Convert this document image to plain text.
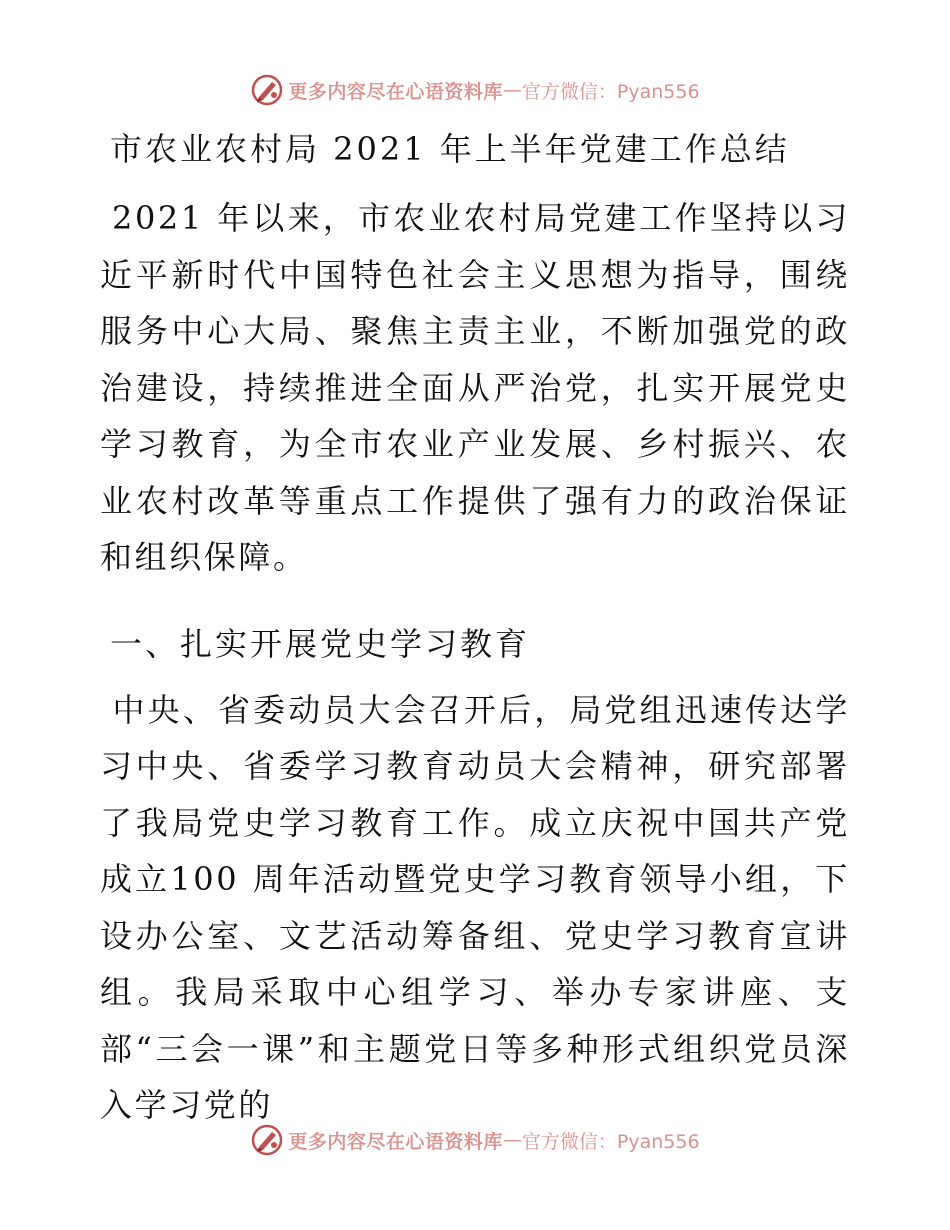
更多内容尽在心语资料库 — 官方微信：Pyan556
市农业农村局 2021 年上半年党建工作总结

2021 年以来，市农业农村局党建工作坚持以习近平新时代中国特色社会主义思想为指导，围绕服务中心大局、聚焦主责主业，不断加强党的政治建设，持续推进全面从严治党，扎实开展党史学习教育，为全市农业产业发展、乡村振兴、农业农村改革等重点工作提供了强有力的政治保证和组织保障。

一、扎实开展党史学习教育

中央、省委动员大会召开后，局党组迅速传达学习中央、省委学习教育动员大会精神，研究部署了我局党史学习教育工作。成立庆祝中国共产党成立100 周年活动暨党史学习教育领导小组，下设办公室、文艺活动筹备组、党史学习教育宣讲组。我局采取中心组学习、举办专家讲座、支部“三会一课”和主题党日等多种形式组织党员深入学习党的

更多内容尽在心语资料库 — 官方微信：Pyan556
